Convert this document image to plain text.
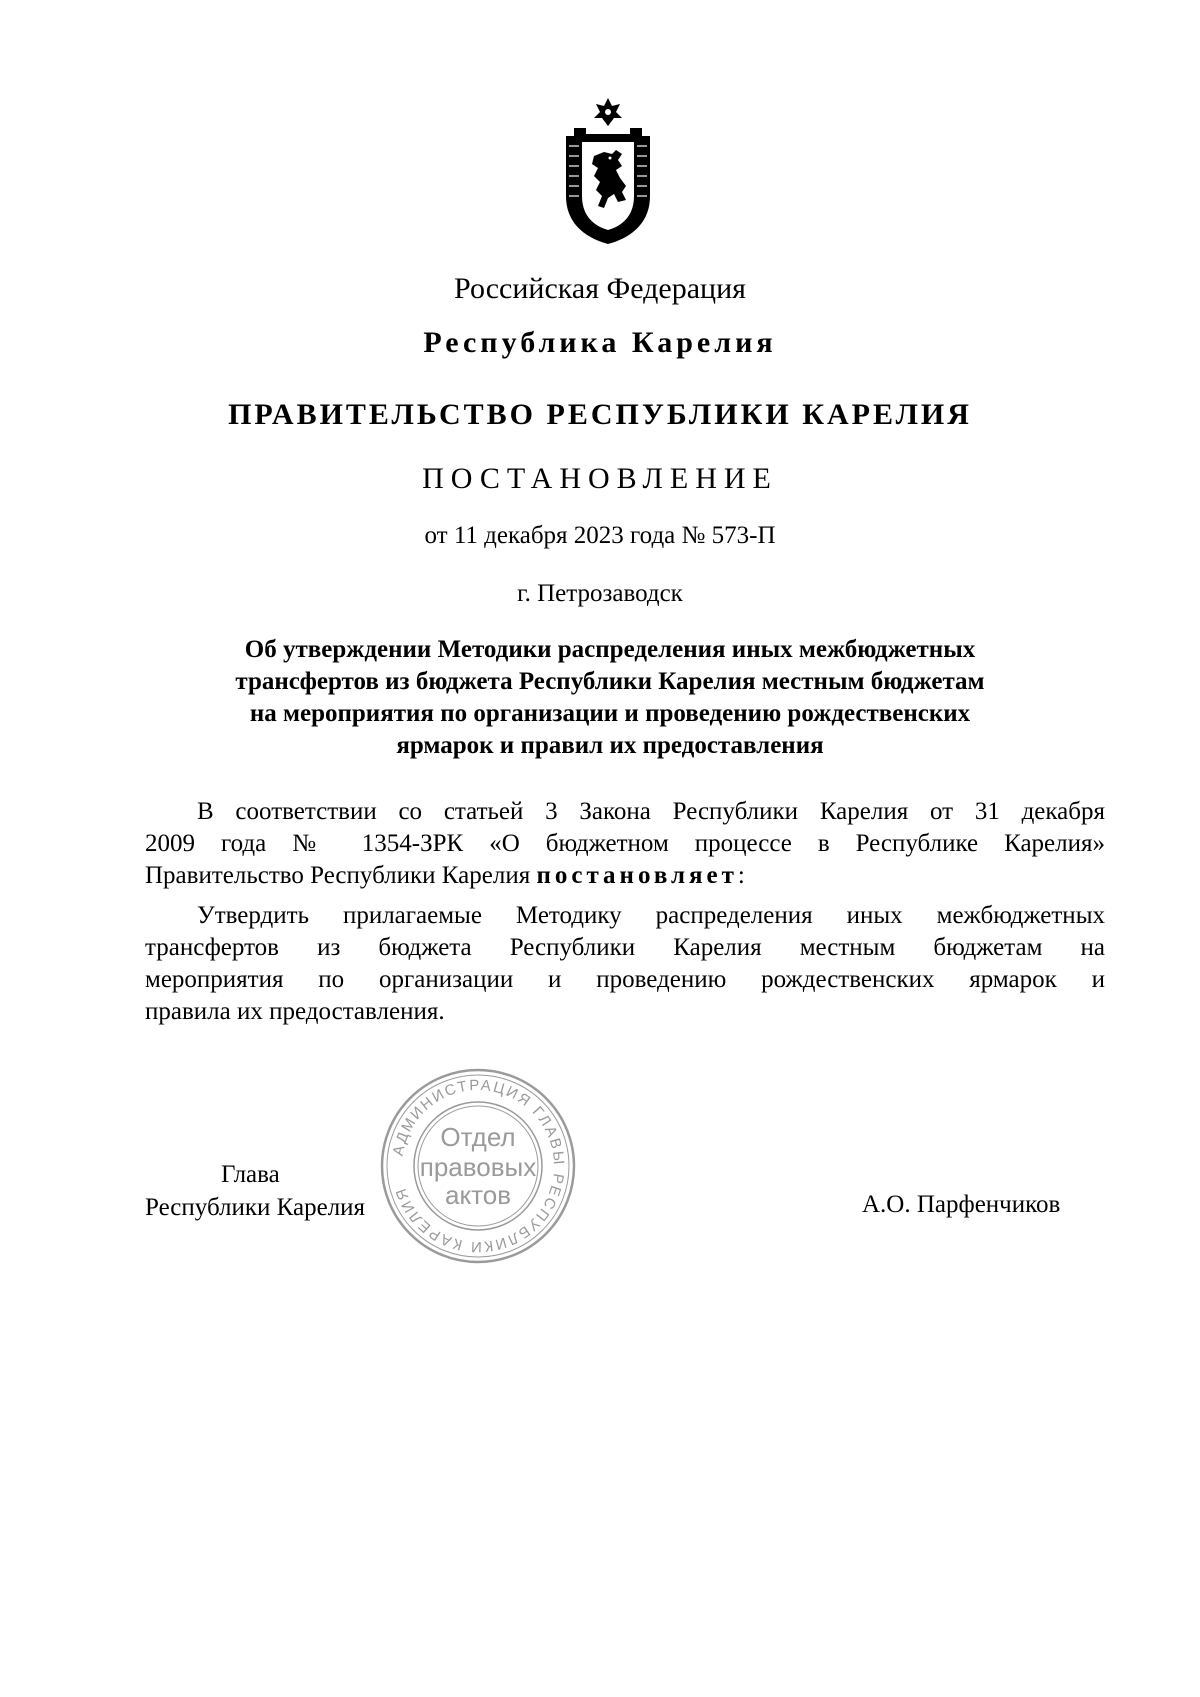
Российская Федерация
Республика Карелия
ПРАВИТЕЛЬСТВО РЕСПУБЛИКИ КАРЕЛИЯ
ПОСТАНОВЛЕНИЕ
от 11 декабря 2023 года № 573-П
г. Петрозаводск
Об утверждении Методики распределения иных межбюджетных
трансфертов из бюджета Республики Карелия местным бюджетам
на мероприятия по организации и проведению рождественских
ярмарок и правил их предоставления
В соответствии со статьей 3 Закона Республики Карелия от 31 декабря
2009 года № 1354-ЗРК «О бюджетном процессе в Республике Карелия»
Правительство Республики Карелия постановляет:
Утвердить прилагаемые Методику распределения иных межбюджетных
трансфертов из бюджета Республики Карелия местным бюджетам на
мероприятия по организации и проведению рождественских ярмарок и
правила их предоставления.
Глава
Республики Карелия	А.О. Парфенчиков
АДМИНИСТРАЦИЯ ГЛАВЫ РЕСПУБЛИКИ КАРЕЛИЯ
Отдел
правовых
актов
